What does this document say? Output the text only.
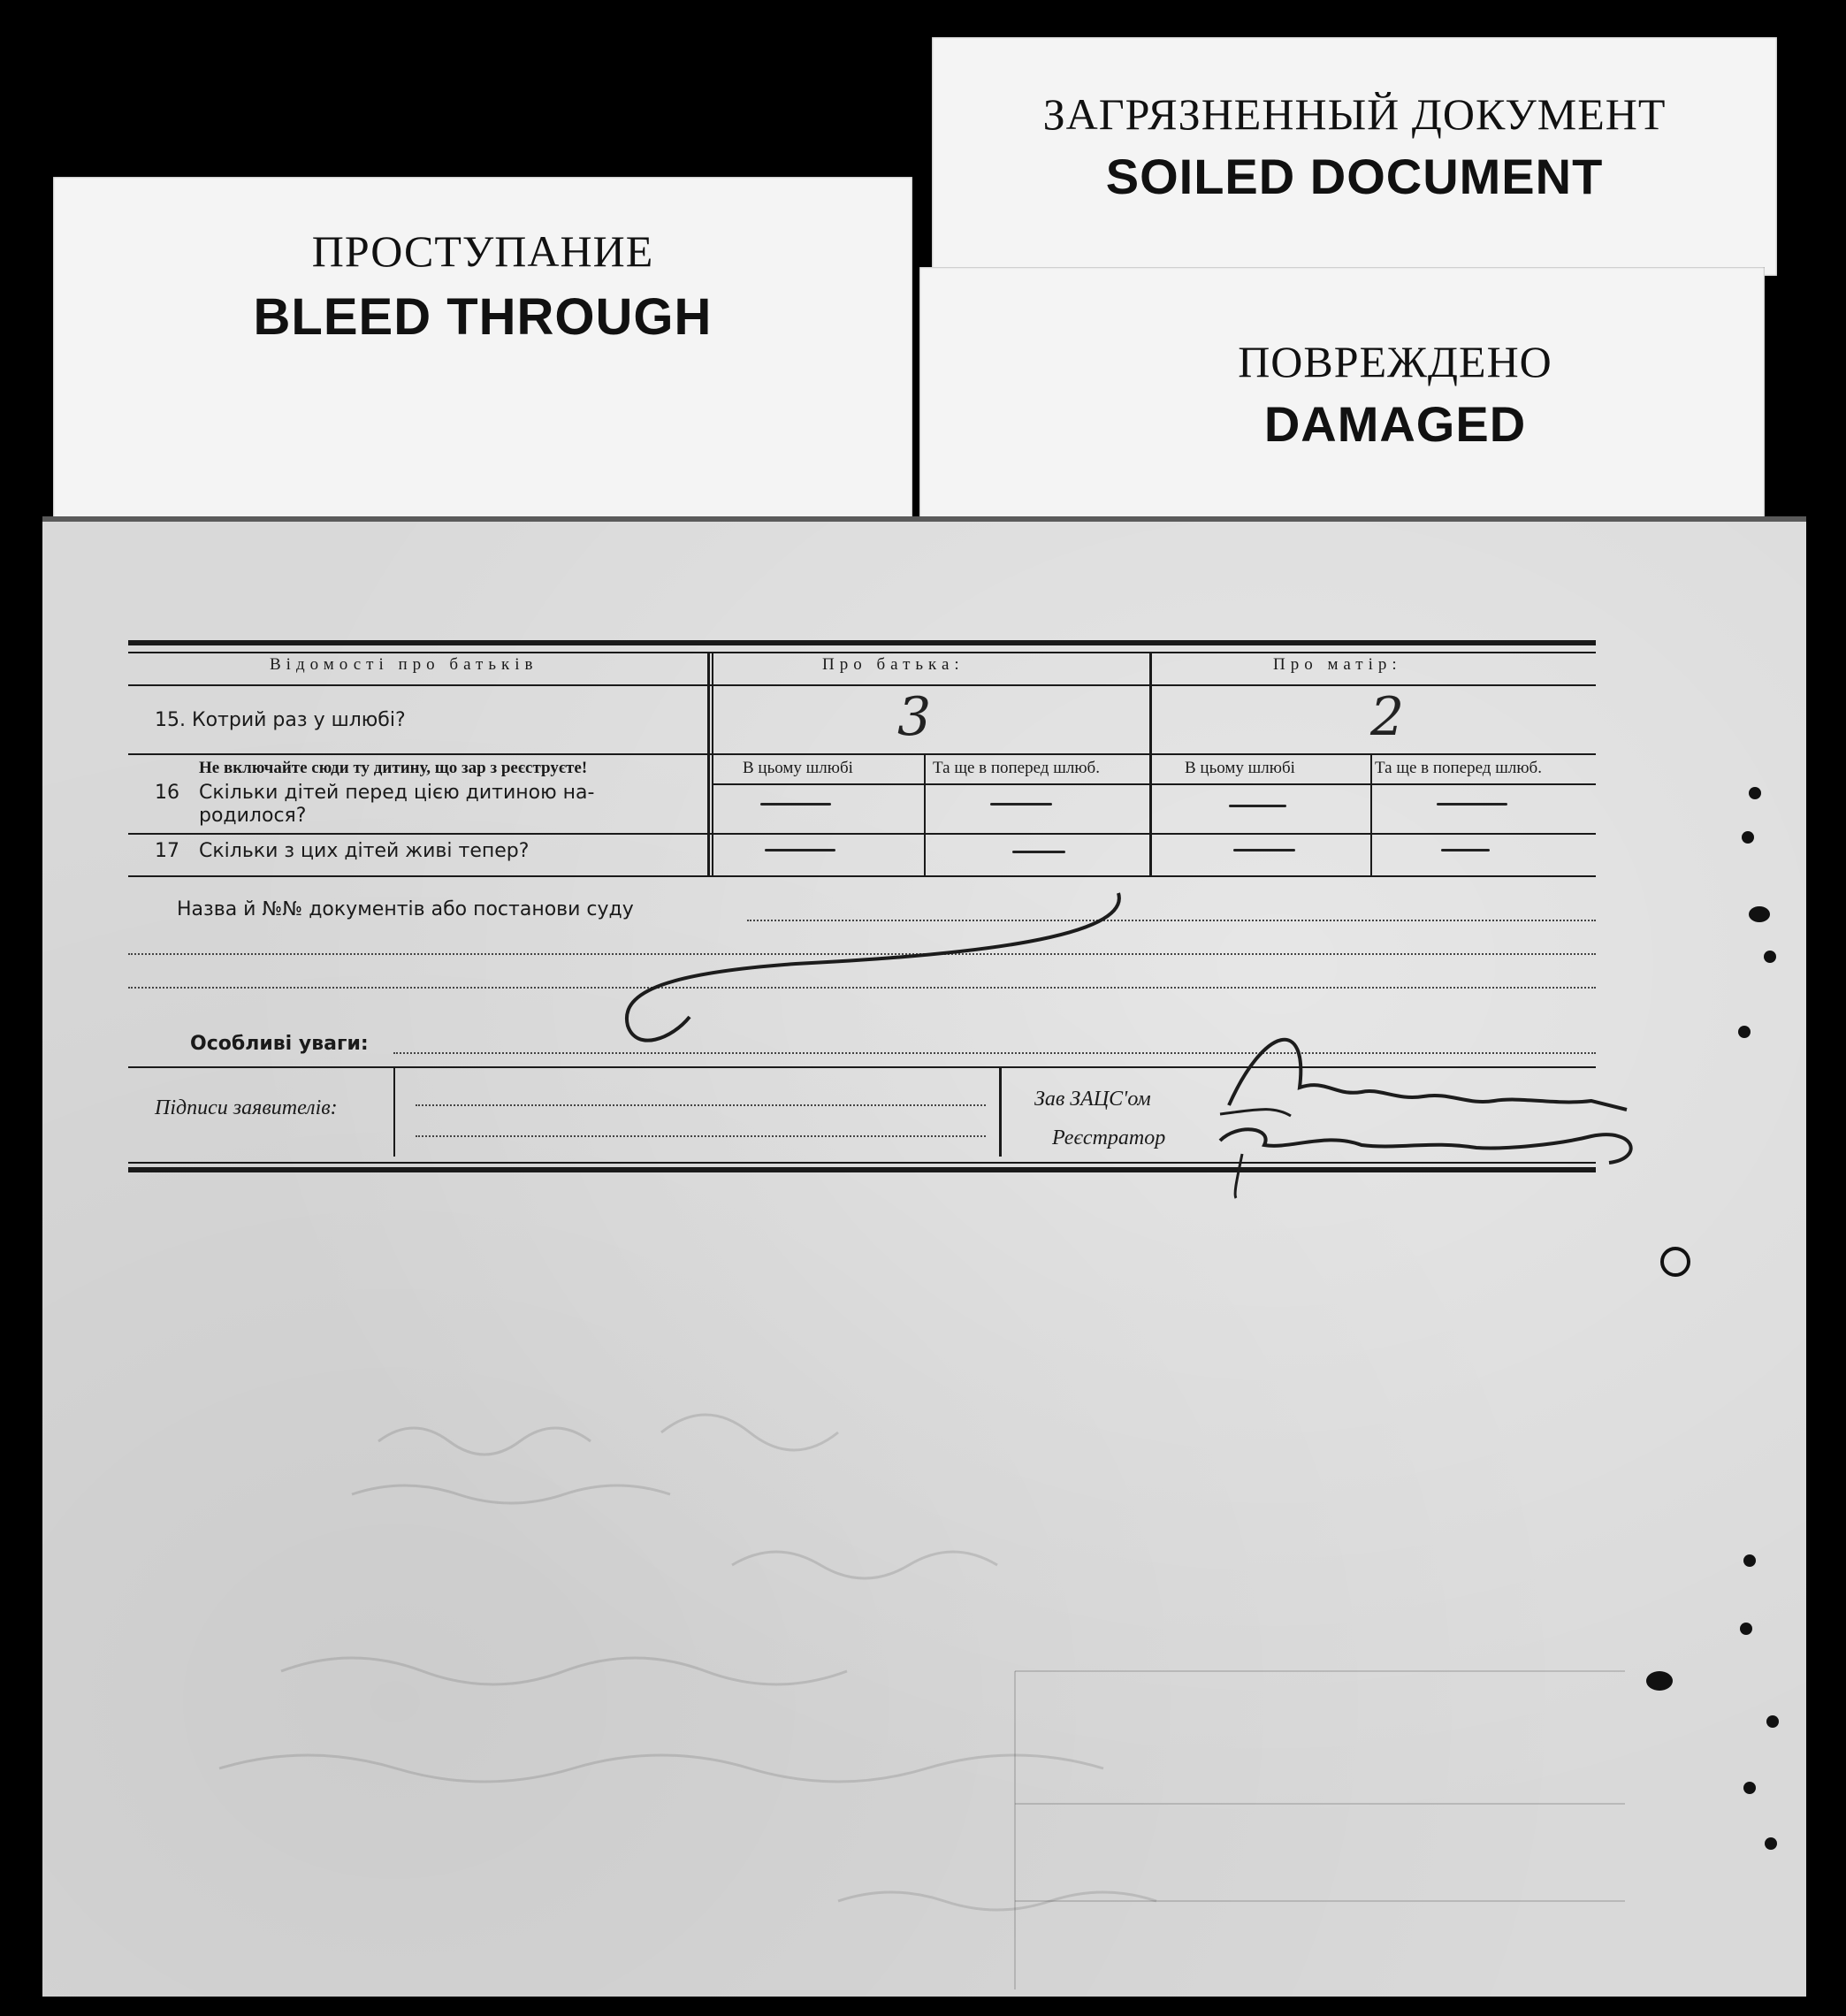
ПРОСТУПАНИЕ
BLEED THROUGH
ЗАГРЯЗНЕННЫЙ ДОКУМЕНТ
SOILED DOCUMENT
ПОВРЕЖДЕНО
DAMAGED
Відомості про батьків	Про батька:	Про матір:
15. Котрий раз у шлюбі?	3	2
Не включайте сюди ту дитину, що зар з реєструєте!
16 Скільки дітей перед цією дитиною на-
родилося?
В цьому шлюбі	Та ще в попеpед шлюб.	В цьому шлюбі	Та ще в попеpед шлюб.
17 Скільки з цих дітей живі тепер?
Назва й №№ документів або постанови суду
Особливі уваги:
Підписи заявителів:	Зав ЗАЦС'ом
Реєстратор
